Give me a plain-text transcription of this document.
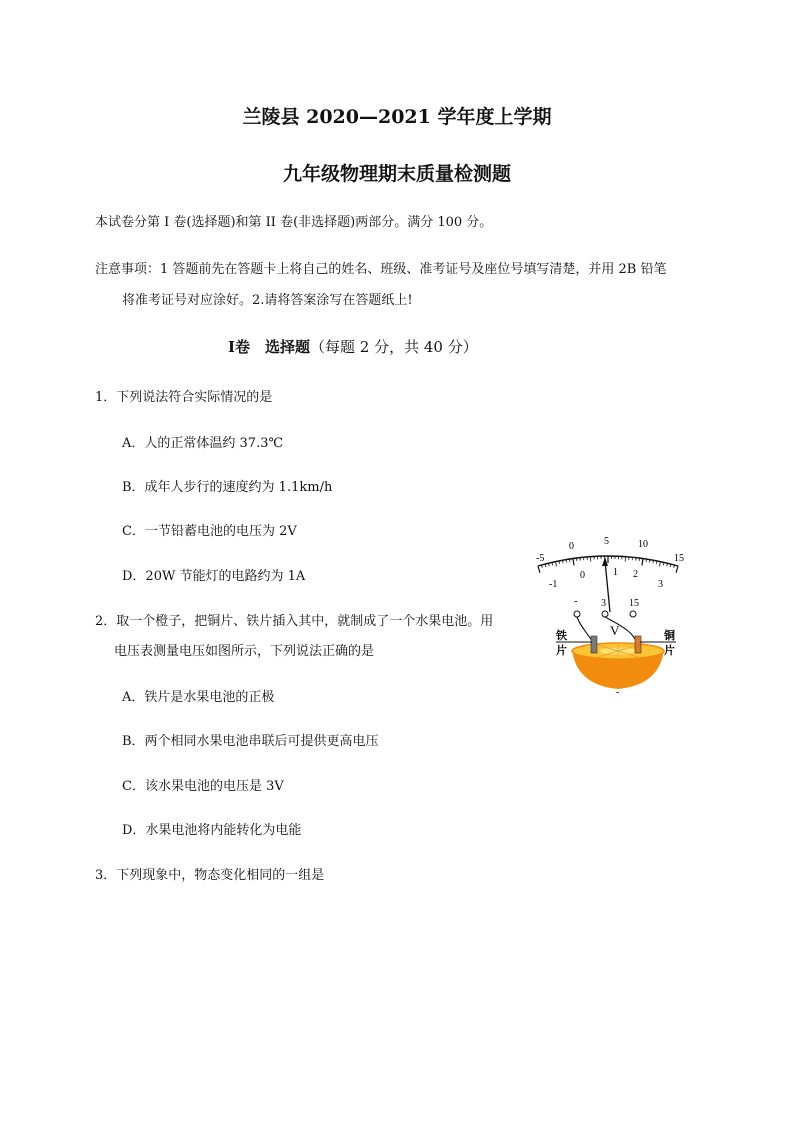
兰陵县 2020—2021 学年度上学期
九年级物理期末质量检测题
本试卷分第 I 卷(选择题)和第 II 卷(非选择题)两部分。满分 100 分。
注意事项：1 答题前先在答题卡上将自己的姓名、班级、准考证号及座位号填写清楚，并用 2B 铅笔
将准考证号对应涂好。2.请将答案涂写在答题纸上!
Ⅰ卷　选择题（每题 2 分，共 40 分）
1．下列说法符合实际情况的是
A．人的正常体温约 37.3℃
B．成年人步行的速度约为 1.1km/h
C．一节铅蓄电池的电压为 2V
D．20W 节能灯的电路约为 1A
2．取一个橙子，把铜片、铁片插入其中，就制成了一个水果电池。用
电压表测量电压如图所示，下列说法正确的是
A．铁片是水果电池的正极
B．两个相同水果电池串联后可提供更高电压
C．该水果电池的电压是 3V
D．水果电池将内能转化为电能
3．下列现象中，物态变化相同的一组是
-5
0	5	10
15
-1
0	1 2
3
- 3 15
V
铁
片
铜
片
-
